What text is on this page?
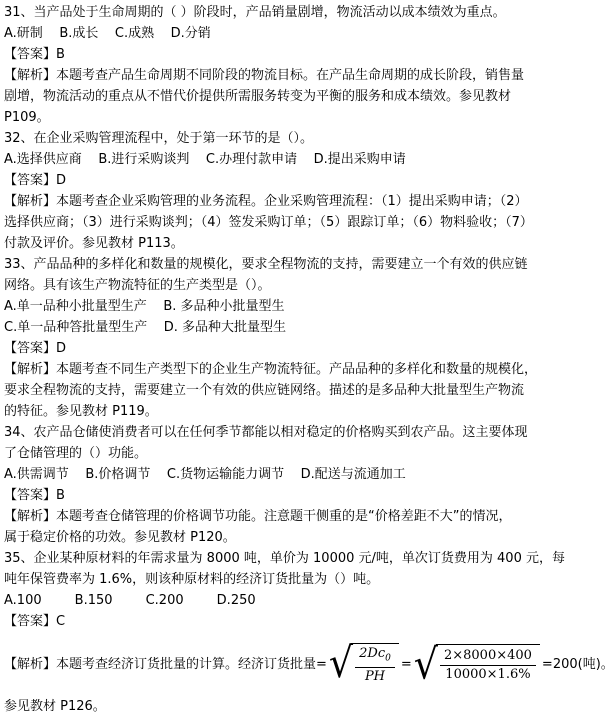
31、当产品处于生命周期的（ ）阶段时，产品销量剧增，物流活动以成本绩效为重点。
A.研制    B.成长    C.成熟    D.分销
【答案】B
【解析】本题考查产品生命周期不同阶段的物流目标。在产品生命周期的成长阶段，销售量
剧增，物流活动的重点从不惜代价提供所需服务转变为平衡的服务和成本绩效。参见教材
P109。
32、在企业采购管理流程中，处于第一环节的是（）。
A.选择供应商    B.进行采购谈判    C.办理付款申请    D.提出采购申请
【答案】D
【解析】本题考查企业采购管理的业务流程。企业采购管理流程：（1）提出采购申请；（2）
选择供应商；（3）进行采购谈判；（4）签发采购订单；（5）跟踪订单；（6）物料验收；（7）
付款及评价。参见教材 P113。
33、产品品种的多样化和数量的规模化，要求全程物流的支持，需要建立一个有效的供应链
网络。具有该生产物流特征的生产类型是（）。
A.单一品种小批量型生产    B. 多品种小批量型生
C.单一品种答批量型生产    D. 多品种大批量型生
【答案】D
【解析】本题考查不同生产类型下的企业生产物流特征。产品品种的多样化和数量的规模化，
要求全程物流的支持，需要建立一个有效的供应链网络。描述的是多品种大批量型生产物流
的特征。参见教材 P119。
34、农产品仓储使消费者可以在任何季节都能以相对稳定的价格购买到农产品。这主要体现
了仓储管理的（）功能。
A.供需调节    B.价格调节    C.货物运输能力调节    D.配送与流通加工
【答案】B
【解析】本题考查仓储管理的价格调节功能。注意题干侧重的是“价格差距不大”的情况，
属于稳定价格的功效。参见教材 P120。
35、企业某种原材料的年需求量为 8000 吨，单价为 10000 元/吨，单次订货费用为 400 元，每
吨年保管费率为 1.6%，则该种原材料的经济订货批量为（）吨。
A.100        B.150        C.200        D.250
【答案】C
【解析】本题考查经济订货批量的计算。经济订货批量= √ $\frac{2Dc_0}{PH}$ = √ $\frac{2\times 8000\times 400}{10000\times 1.6\%} =200$(吨)。
参见教材 P126。
